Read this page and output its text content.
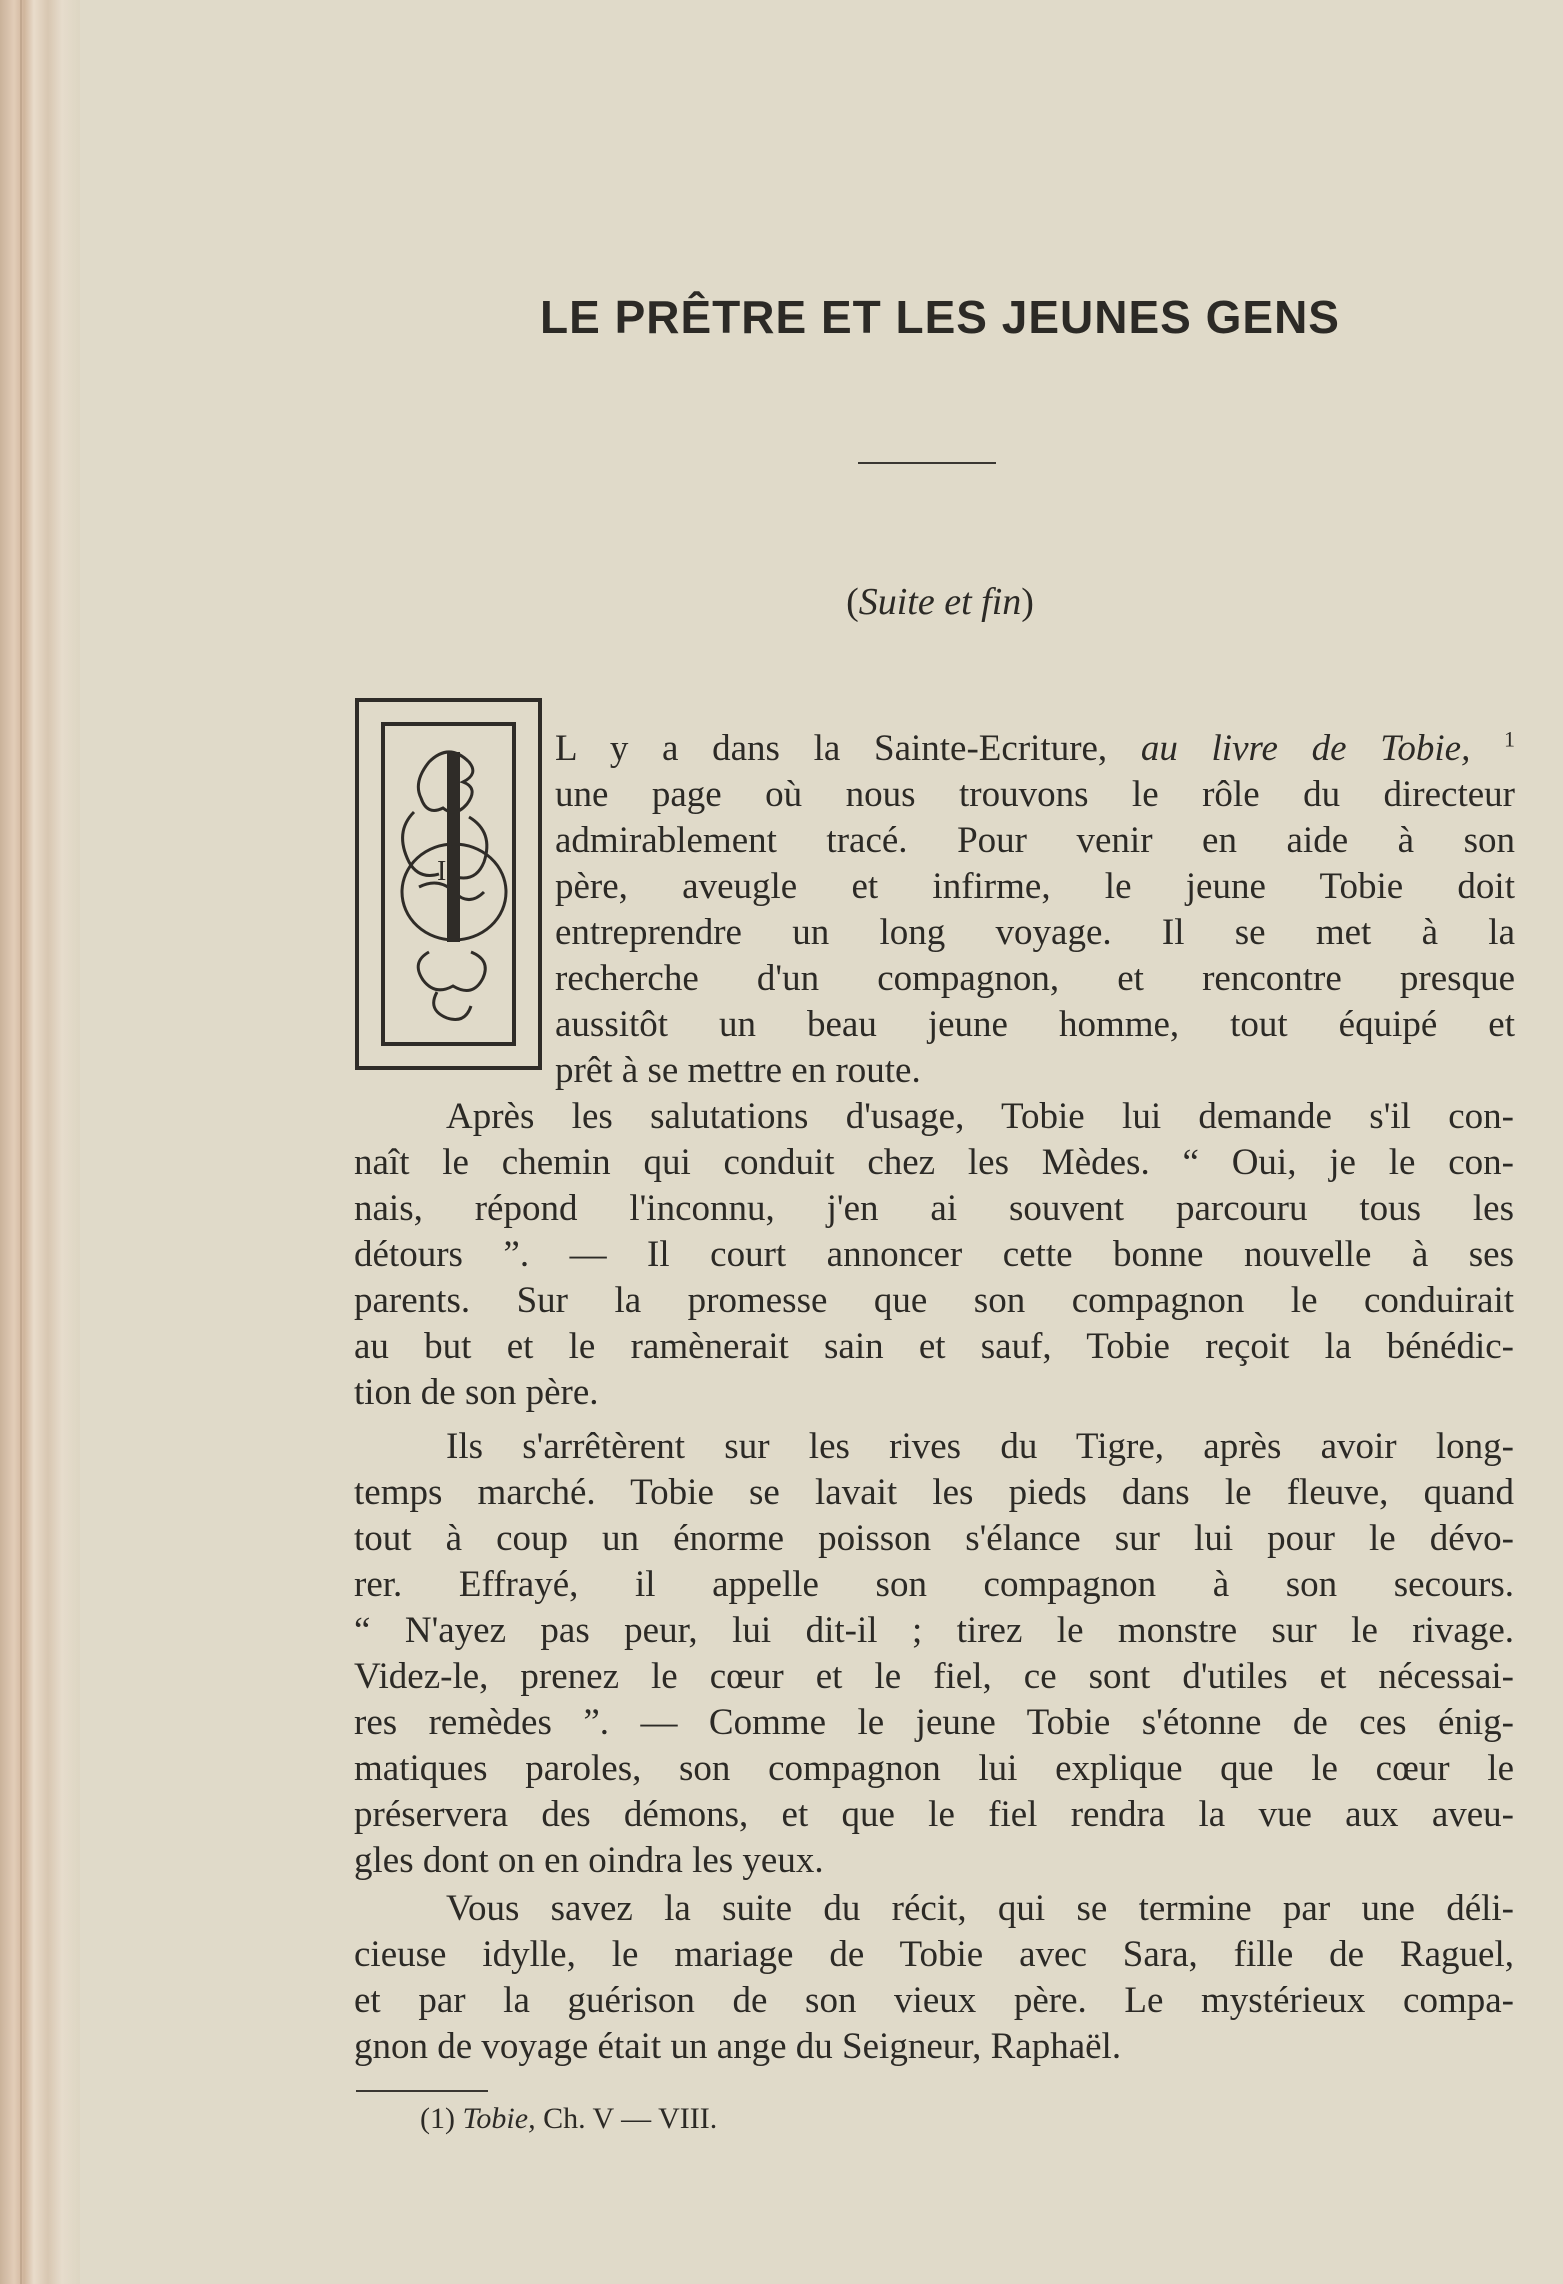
LE PRÊTRE ET LES JEUNES GENS

(Suite et fin)

I

L y a dans la Sainte-Ecriture, au livre de Tobie, $^1$
une page où nous trouvons le rôle du directeur
admirablement tracé. Pour venir en aide à son
père, aveugle et infirme, le jeune Tobie doit
entreprendre un long voyage. Il se met à la
recherche d'un compagnon, et rencontre presque
aussitôt un beau jeune homme, tout équipé et
prêt à se mettre en route.

Après les salutations d'usage, Tobie lui demande s'il con-
naît le chemin qui conduit chez les Mèdes. “ Oui, je le con-
nais, répond l'inconnu, j'en ai souvent parcouru tous les
détours ”. — Il court annoncer cette bonne nouvelle à ses
parents. Sur la promesse que son compagnon le conduirait
au but et le ramènerait sain et sauf, Tobie reçoit la bénédic-
tion de son père.

Ils s'arrêtèrent sur les rives du Tigre, après avoir long-
temps marché. Tobie se lavait les pieds dans le fleuve, quand
tout à coup un énorme poisson s'élance sur lui pour le dévo-
rer. Effrayé, il appelle son compagnon à son secours.
“ N'ayez pas peur, lui dit-il ; tirez le monstre sur le rivage.
Videz-le, prenez le cœur et le fiel, ce sont d'utiles et nécessai-
res remèdes ”. — Comme le jeune Tobie s'étonne de ces énig-
matiques paroles, son compagnon lui explique que le cœur le
préservera des démons, et que le fiel rendra la vue aux aveu-
gles dont on en oindra les yeux.

Vous savez la suite du récit, qui se termine par une déli-
cieuse idylle, le mariage de Tobie avec Sara, fille de Raguel,
et par la guérison de son vieux père. Le mystérieux compa-
gnon de voyage était un ange du Seigneur, Raphaël.

(1) Tobie, Ch. V — VIII.
